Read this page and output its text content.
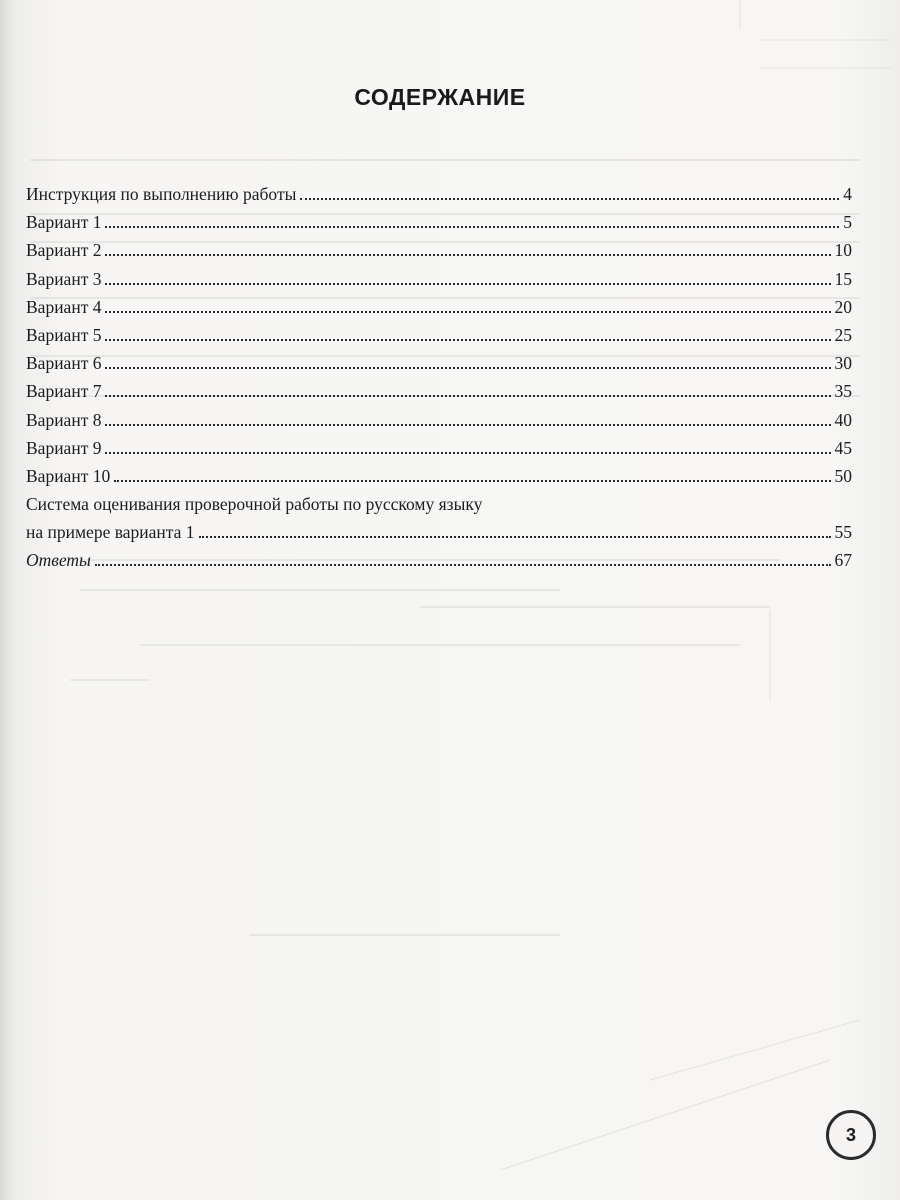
СОДЕРЖАНИЕ
Инструкция по выполнению работы	4
Вариант 1	5
Вариант 2	10
Вариант 3	15
Вариант 4	20
Вариант 5	25
Вариант 6	30
Вариант 7	35
Вариант 8	40
Вариант 9	45
Вариант 10	50
Система оценивания проверочной работы по русскому языку
на примере варианта 1	55
Ответы	67
3
